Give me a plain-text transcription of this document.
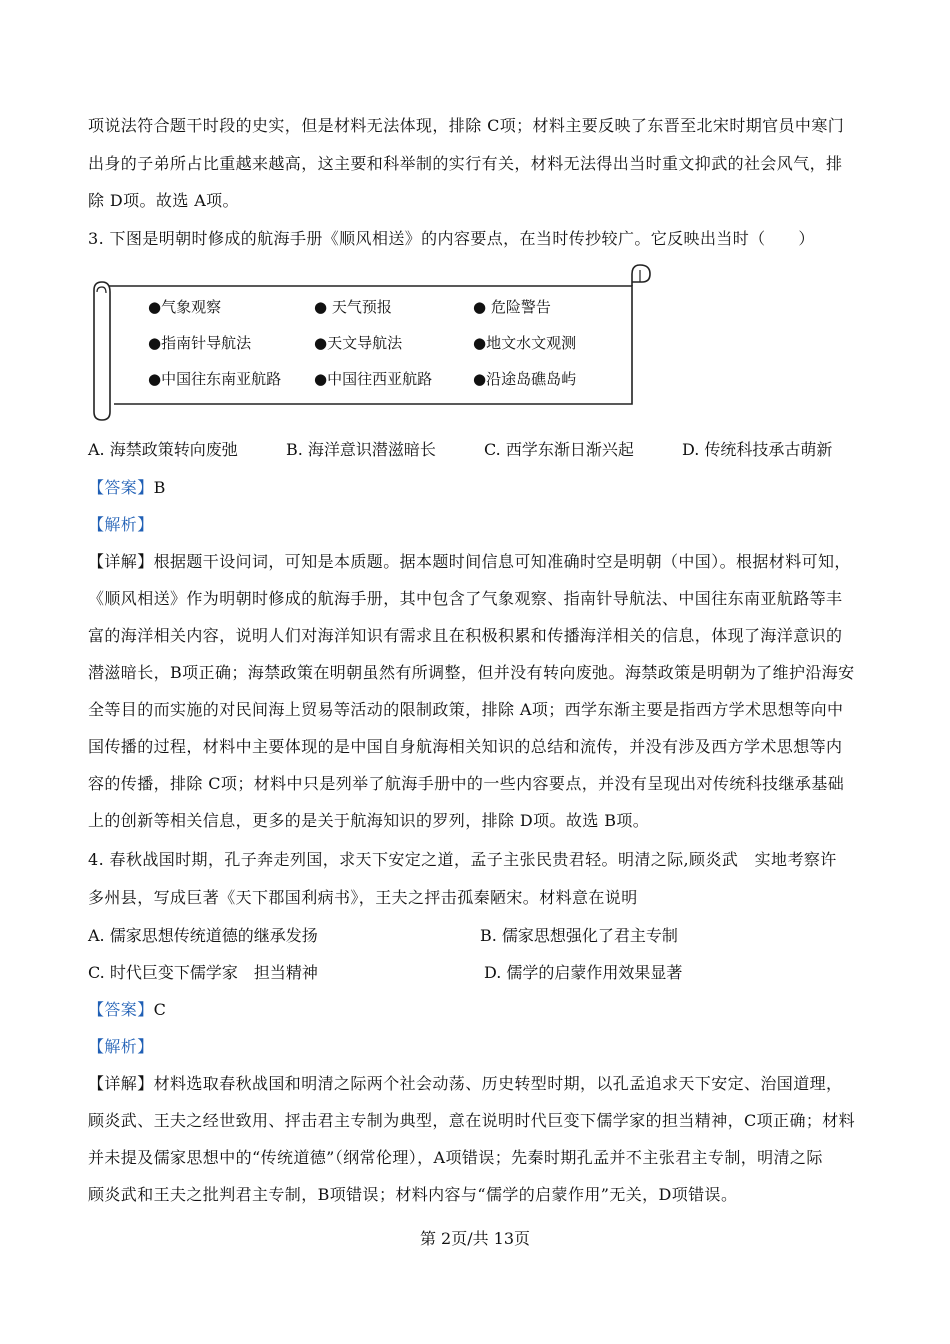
项说法符合题干时段的史实，但是材料无法体现，排除 C项；材料主要反映了东晋至北宋时期官员中寒门
出身的子弟所占比重越来越高，这主要和科举制的实行有关，材料无法得出当时重文抑武的社会风气，排
除 D项。故选 A项。
3. 下图是明朝时修成的航海手册《顺风相送》的内容要点，在当时传抄较广。它反映出当时（　　）
●气象观察	● 天气预报	● 危险警告
●指南针导航法	●天文导航法	●地文水文观测
●中国往东南亚航路 ●中国往西亚航路	●沿途岛礁岛屿
A. 海禁政策转向废弛	B. 海洋意识潜滋暗长	C. 西学东渐日渐兴起	D. 传统科技承古萌新
【答案】B
【解析】
【详解】根据题干设问词，可知是本质题。据本题时间信息可知准确时空是明朝（中国）。根据材料可知，
《顺风相送》作为明朝时修成的航海手册，其中包含了气象观察、指南针导航法、中国往东南亚航路等丰
富的海洋相关内容，说明人们对海洋知识有需求且在积极积累和传播海洋相关的信息，体现了海洋意识的
潜滋暗长，B项正确；海禁政策在明朝虽然有所调整，但并没有转向废弛。海禁政策是明朝为了维护沿海安
全等目的而实施的对民间海上贸易等活动的限制政策，排除 A项；西学东渐主要是指西方学术思想等向中
国传播的过程，材料中主要体现的是中国自身航海相关知识的总结和流传，并没有涉及西方学术思想等内
容的传播，排除 C项；材料中只是列举了航海手册中的一些内容要点，并没有呈现出对传统科技继承基础
上的创新等相关信息，更多的是关于航海知识的罗列，排除 D项。故选 B项。
4. 春秋战国时期，孔子奔走列国，求天下安定之道，孟子主张民贵君轻。明清之际,顾炎武　实地考察许
多州县，写成巨著《天下郡国利病书》，王夫之抨击孤秦陋宋。材料意在说明
A. 儒家思想传统道德的继承发扬	B. 儒家思想强化了君主专制
C. 时代巨变下儒学家　担当精神	D. 儒学的启蒙作用效果显著
【答案】C
【解析】
【详解】材料选取春秋战国和明清之际两个社会动荡、历史转型时期，以孔孟追求天下安定、治国道理，
顾炎武、王夫之经世致用、抨击君主专制为典型，意在说明时代巨变下儒学家的担当精神，C项正确；材料
并未提及儒家思想中的“传统道德”（纲常伦理），A项错误；先秦时期孔孟并不主张君主专制，明清之际
顾炎武和王夫之批判君主专制，B项错误；材料内容与“儒学的启蒙作用”无关，D项错误。
第 2页/共 13页
